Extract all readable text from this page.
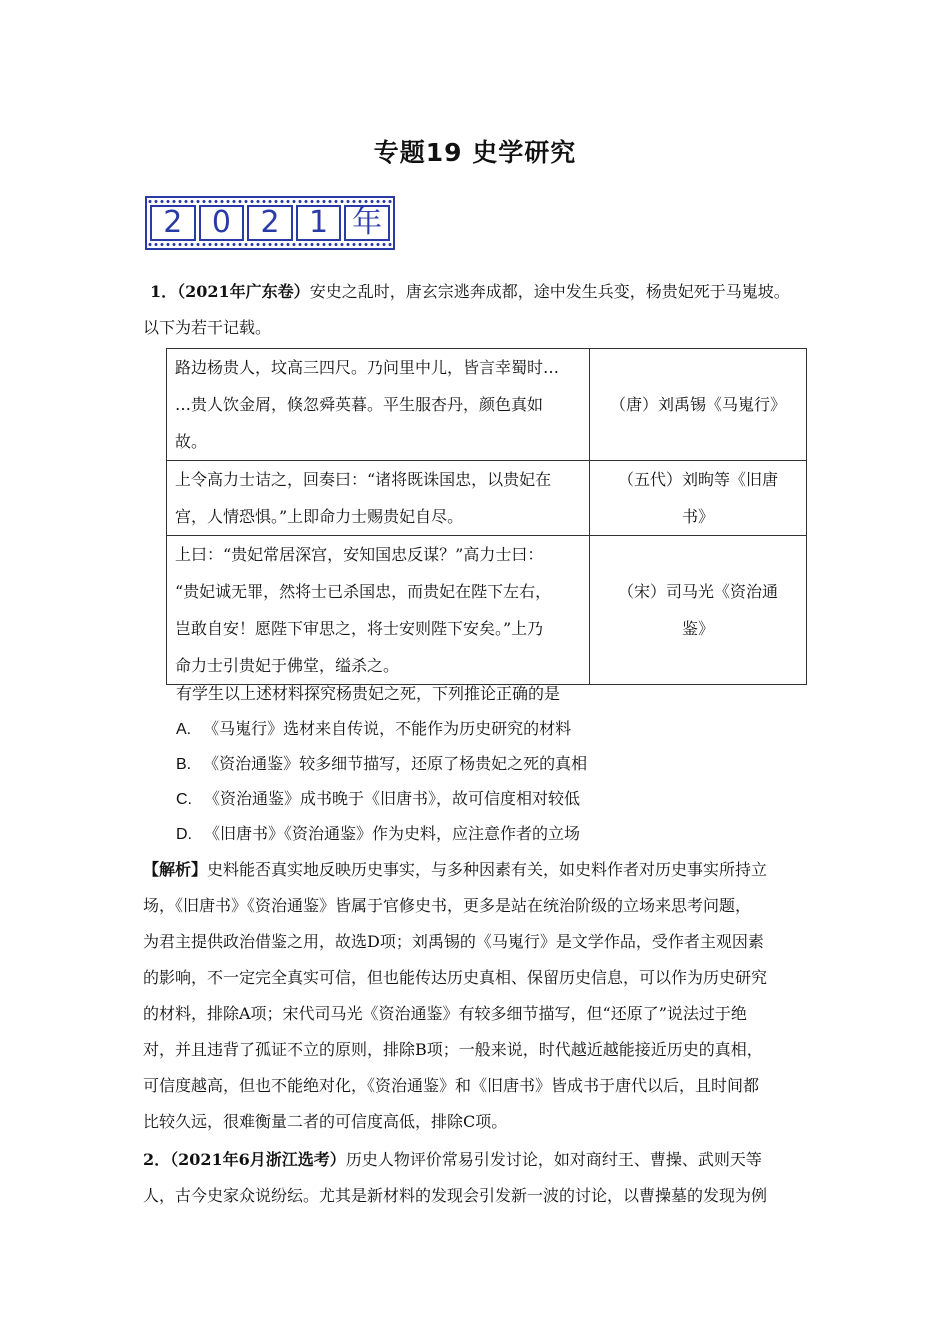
专题19 史学研究
2 0 2 1 年
1．（2021年广东卷）安史之乱时，唐玄宗逃奔成都，途中发生兵变，杨贵妃死于马嵬坡。
以下为若干记载。
路边杨贵人，坟高三四尺。乃问里中儿，皆言幸蜀时…
…贵人饮金屑，倏忽舜英暮。平生服杏丹，颜色真如
故。	（唐）刘禹锡《马嵬行》
上令高力士诘之，回奏曰：“诸将既诛国忠，以贵妃在
宫，人情恐惧。”上即命力士赐贵妃自尽。	（五代）刘昫等《旧唐
书》
上曰：“贵妃常居深宫，安知国忠反谋？”高力士曰：
“贵妃诚无罪，然将士已杀国忠，而贵妃在陛下左右，
岂敢自安！愿陛下审思之，将士安则陛下安矣。”上乃
命力士引贵妃于佛堂，缢杀之。	（宋）司马光《资治通
鉴》
有学生以上述材料探究杨贵妃之死，下列推论正确的是
A. 《马嵬行》选材来自传说，不能作为历史研究的材料
B. 《资治通鉴》较多细节描写，还原了杨贵妃之死的真相
C. 《资治通鉴》成书晚于《旧唐书》，故可信度相对较低
D. 《旧唐书》《资治通鉴》作为史料，应注意作者的立场
【解析】史料能否真实地反映历史事实，与多种因素有关，如史料作者对历史事实所持立
场，《旧唐书》《资治通鉴》皆属于官修史书，更多是站在统治阶级的立场来思考问题，
为君主提供政治借鉴之用，故选D项；刘禹锡的《马嵬行》是文学作品，受作者主观因素
的影响，不一定完全真实可信，但也能传达历史真相、保留历史信息，可以作为历史研究
的材料，排除A项；宋代司马光《资治通鉴》有较多细节描写，但“还原了”说法过于绝
对，并且违背了孤证不立的原则，排除B项；一般来说，时代越近越能接近历史的真相，
可信度越高，但也不能绝对化，《资治通鉴》和《旧唐书》皆成书于唐代以后，且时间都
比较久远，很难衡量二者的可信度高低，排除C项。
2．（2021年6月浙江选考）历史人物评价常易引发讨论，如对商纣王、曹操、武则天等
人，古今史家众说纷纭。尤其是新材料的发现会引发新一波的讨论，以曹操墓的发现为例
